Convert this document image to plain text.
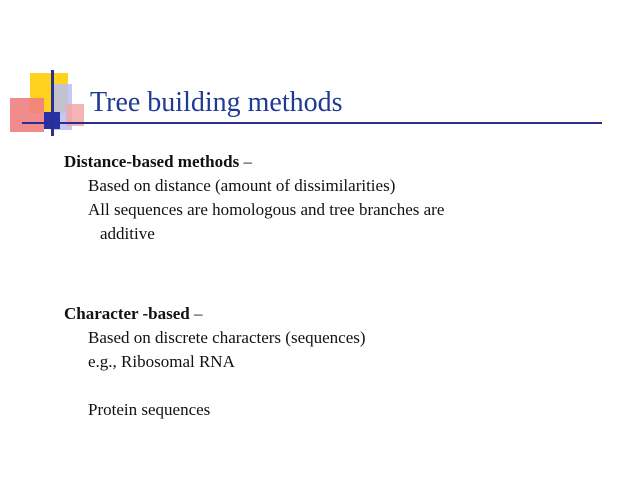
Tree building methods

Distance-based methods –

Based on distance (amount of dissimilarities)

All sequences are homologous and tree branches are

additive

Character -based –

Based on discrete characters (sequences)

e.g., Ribosomal RNA

Protein sequences
